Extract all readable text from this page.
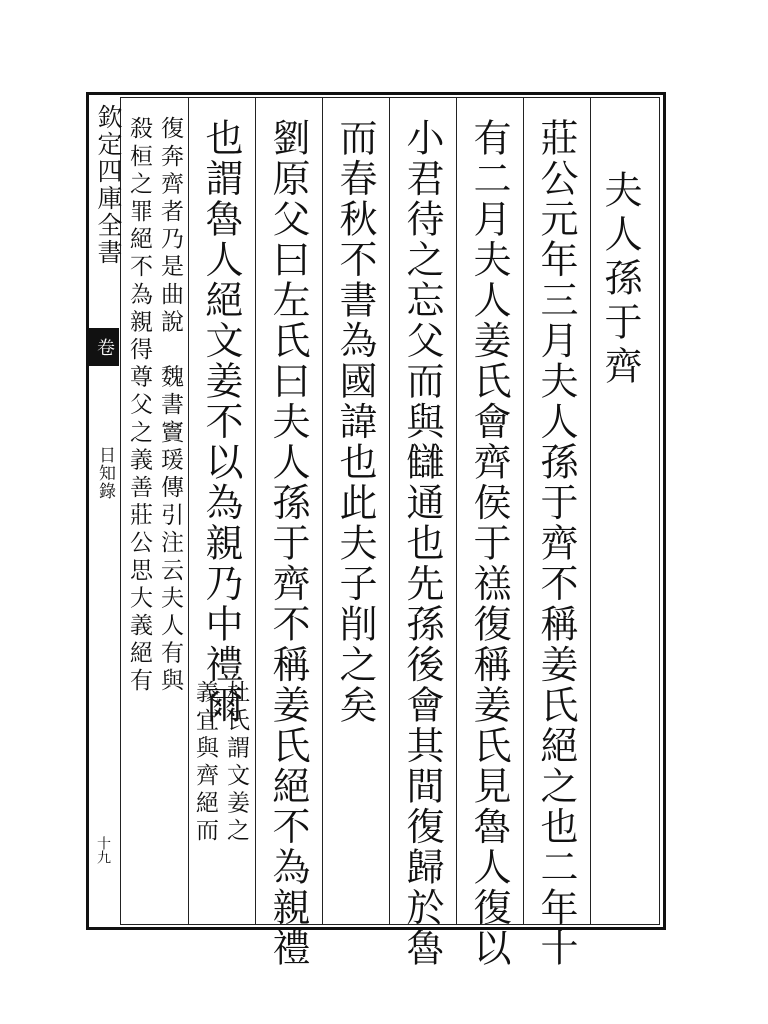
欽定四庫全書
卷
日知錄
十九
夫人孫于齊
莊公元年三月夫人孫于齊不稱姜氏絕之也二年十
有二月夫人姜氏會齊侯于禚復稱姜氏見魯人復以
小君待之忘父而與讎通也先孫後會其間復歸於魯
而春秋不書為國諱也此夫子削之矣
劉原父曰左氏曰夫人孫于齊不稱姜氏絕不為親禮
也謂魯人絕文姜不以為親乃中禮爾
杜氏謂文姜之
義宜與齊絕而
復奔齊者乃是曲說　魏書竇瑗傳引注云夫人有與
殺桓之罪絕不為親得尊父之義善莊公思大義絕有
